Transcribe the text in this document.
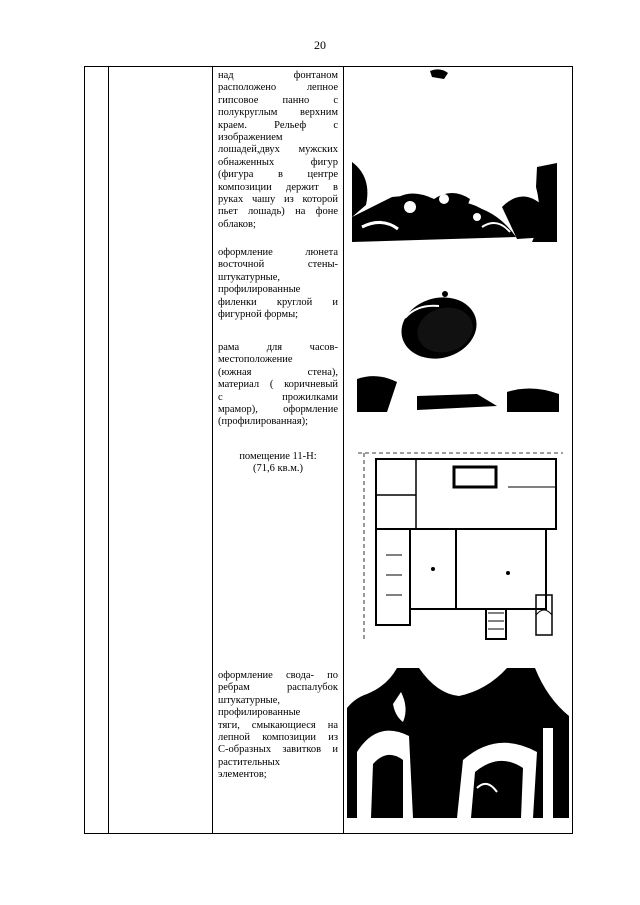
20
над фонтаном
расположено лепное
гипсовое панно с
полукруглым верхним
краем. Рельеф с
изображением
лошадей,двух мужских
обнаженных фигур
(фигура в центре
композиции держит в
руках чашу из которой
пьет лошадь) на фоне
облаков;
оформление люнета
восточной стены-
штукатурные,
профилированные
филенки круглой и
фигурной формы;
рама для часов-
местоположение
(южная стена),
материал ( коричневый
с прожилками
мрамор), оформление
(профилированная);
помещение 11-Н:
(71,6 кв.м.)
оформление свода- по
ребрам распалубок
штукатурные,
профилированные
тяги, смыкающиеся на
лепной композиции из
С-образных завитков и
растительных
элементов;
